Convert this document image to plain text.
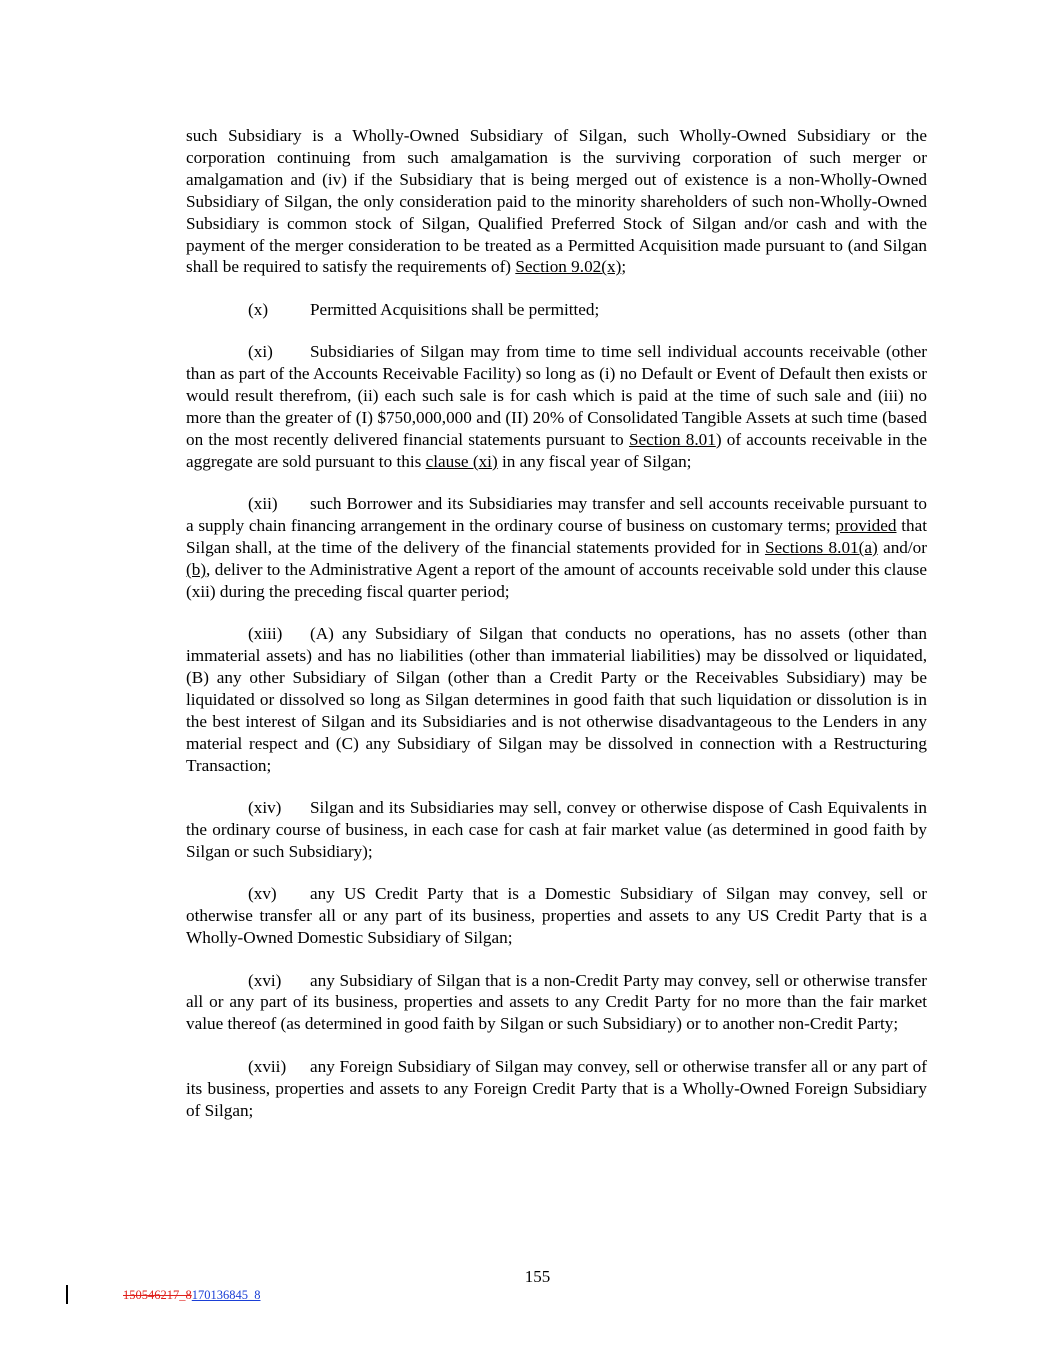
such Subsidiary is a Wholly-Owned Subsidiary of Silgan, such Wholly-Owned Subsidiary or the corporation continuing from such amalgamation is the surviving corporation of such merger or amalgamation and (iv) if the Subsidiary that is being merged out of existence is a non-Wholly-Owned Subsidiary of Silgan, the only consideration paid to the minority shareholders of such non-Wholly-Owned Subsidiary is common stock of Silgan, Qualified Preferred Stock of Silgan and/or cash and with the payment of the merger consideration to be treated as a Permitted Acquisition made pursuant to (and Silgan shall be required to satisfy the requirements of) Section 9.02(x);

(x) Permitted Acquisitions shall be permitted;

(xi) Subsidiaries of Silgan may from time to time sell individual accounts receivable (other than as part of the Accounts Receivable Facility) so long as (i) no Default or Event of Default then exists or would result therefrom, (ii) each such sale is for cash which is paid at the time of such sale and (iii) no more than the greater of (I) $750,000,000 and (II) 20% of Consolidated Tangible Assets at such time (based on the most recently delivered financial statements pursuant to Section 8.01) of accounts receivable in the aggregate are sold pursuant to this clause (xi) in any fiscal year of Silgan;

(xii) such Borrower and its Subsidiaries may transfer and sell accounts receivable pursuant to a supply chain financing arrangement in the ordinary course of business on customary terms; provided that Silgan shall, at the time of the delivery of the financial statements provided for in Sections 8.01(a) and/or (b), deliver to the Administrative Agent a report of the amount of accounts receivable sold under this clause (xii) during the preceding fiscal quarter period;

(xiii) (A) any Subsidiary of Silgan that conducts no operations, has no assets (other than immaterial assets) and has no liabilities (other than immaterial liabilities) may be dissolved or liquidated, (B) any other Subsidiary of Silgan (other than a Credit Party or the Receivables Subsidiary) may be liquidated or dissolved so long as Silgan determines in good faith that such liquidation or dissolution is in the best interest of Silgan and its Subsidiaries and is not otherwise disadvantageous to the Lenders in any material respect and (C) any Subsidiary of Silgan may be dissolved in connection with a Restructuring Transaction;

(xiv) Silgan and its Subsidiaries may sell, convey or otherwise dispose of Cash Equivalents in the ordinary course of business, in each case for cash at fair market value (as determined in good faith by Silgan or such Subsidiary);

(xv) any US Credit Party that is a Domestic Subsidiary of Silgan may convey, sell or otherwise transfer all or any part of its business, properties and assets to any US Credit Party that is a Wholly-Owned Domestic Subsidiary of Silgan;

(xvi) any Subsidiary of Silgan that is a non-Credit Party may convey, sell or otherwise transfer all or any part of its business, properties and assets to any Credit Party for no more than the fair market value thereof (as determined in good faith by Silgan or such Subsidiary) or to another non-Credit Party;

(xvii) any Foreign Subsidiary of Silgan may convey, sell or otherwise transfer all or any part of its business, properties and assets to any Foreign Credit Party that is a Wholly-Owned Foreign Subsidiary of Silgan;

155
150546217_8170136845_8
